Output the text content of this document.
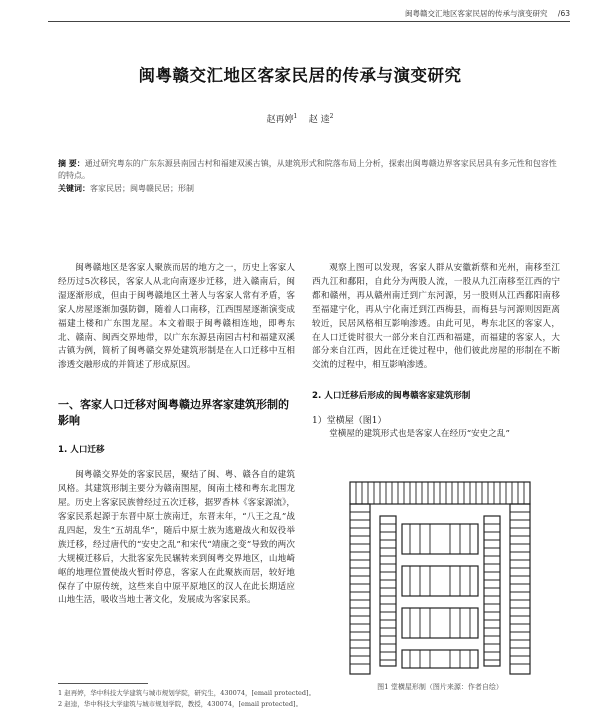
闽粤赣交汇地区客家民居的传承与演变研究 /63
闽粤赣交汇地区客家民居的传承与演变研究
赵再婷$^1$ 赵 逵$^2$
摘 要：通过研究粤东的广东东源县南园古村和福建双溪古镇，从建筑形式和院落布局上分析，探索出闽粤赣边界客家民居具有多元性和包容性的特点。
关键词：客家民居；闽粤赣民居；形制

闽粤赣地区是客家人聚族而居的地方之一，历史上客家人经历过5次移民，客家人从北向南逐步迁移，进入赣南后，闽湿逐渐形成，但由于闽粤赣地区土著人与客家人常有矛盾，客家人房屋逐渐加强防御，随着人口南移，江西围屋逐渐演变成福建土楼和广东围龙屋。本文着眼于闽粤赣相连地，即粤东北、赣南、闽西交界地带，以广东东源县南园古村和福建双溪古镇为例，简析了闽粤赣交界处建筑形制是在人口迁移中互相渗透交融形成的并简述了形成原因。

一、客家人口迁移对闽粤赣边界客家建筑形制的影响
1. 人口迁移

闽粤赣交界处的客家民居，聚结了闽、粤、赣各自的建筑风格。其建筑形制主要分为赣南围屋，闽南土楼和粤东北围龙屋。历史上客家民族曾经过五次迁移，据罗香林《客家源流》，客家民系起源于东晋中原士族南迁，东晋末年，“八王之乱”战乱四起，发生“五胡乱华”，随后中原士族为逃避战火和奴役举族迁移，经过唐代的“安史之乱”和宋代“靖康之变”导致的两次大规模迁移后，大批客家先民辗转来到闽粤交界地区，山地崎岖的地理位置使战火暂时停息，客家人在此聚族而居，较好地保存了中原传统，这些来自中原平原地区的汉人在此长期适应山地生活，吸收当地土著文化，发展成为客家民系。

观察上图可以发现，客家人群从安徽新蔡和光州，南移至江西九江和鄱阳，自此分为两股人流，一股从九江南移至江西的宁都和赣州，再从赣州南迁到广东河源，另一股则从江西鄱阳南移至福建宁化，再从宁化南迁到江西梅县，而梅县与河源则因距离较近，民居风格相互影响渗透。由此可见，粤东北区的客家人，在人口迁徙时很大一部分来自江西和福建，而福建的客家人，大部分来自江西，因此在迁徙过程中，他们彼此房屋的形制在不断交流的过程中，相互影响渗透。

2. 人口迁移后形成的闽粤赣客家建筑形制
1）堂横屋（图1）
堂横屋的建筑形式也是客家人在经历“安史之乱”
图1 堂横屋形制（图片来源：作者自绘）
1 赵再婷，华中科技大学建筑与城市规划学院，研究生，430074，[email protected]。
2 赵逵，华中科技大学建筑与城市规划学院，教授，430074，[email protected]。
